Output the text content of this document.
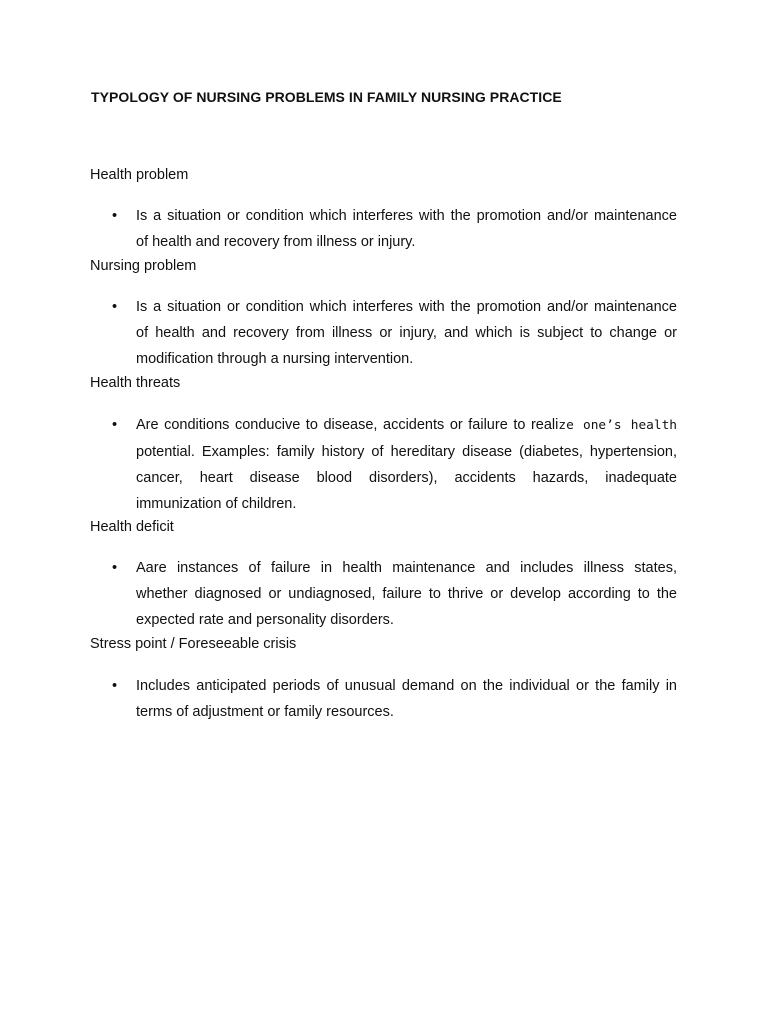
TYPOLOGY OF NURSING PROBLEMS IN FAMILY NURSING PRACTICE
Health problem
• Is a situation or condition which interferes with the promotion and/or maintenance
of health and recovery from illness or injury.
Nursing problem
• Is a situation or condition which interferes with the promotion and/or maintenance
of health and recovery from illness or injury, and which is subject to change or
modification through a nursing intervention.
Health threats
• Are conditions conducive to disease, accidents or failure to realize one’s health
potential. Examples: family history of hereditary disease (diabetes, hypertension,
cancer, heart disease blood disorders), accidents hazards, inadequate
immunization of children.
Health deficit
• Aare instances of failure in health maintenance and includes illness states,
whether diagnosed or undiagnosed, failure to thrive or develop according to the
expected rate and personality disorders.
Stress point / Foreseeable crisis
• Includes anticipated periods of unusual demand on the individual or the family in
terms of adjustment or family resources.
